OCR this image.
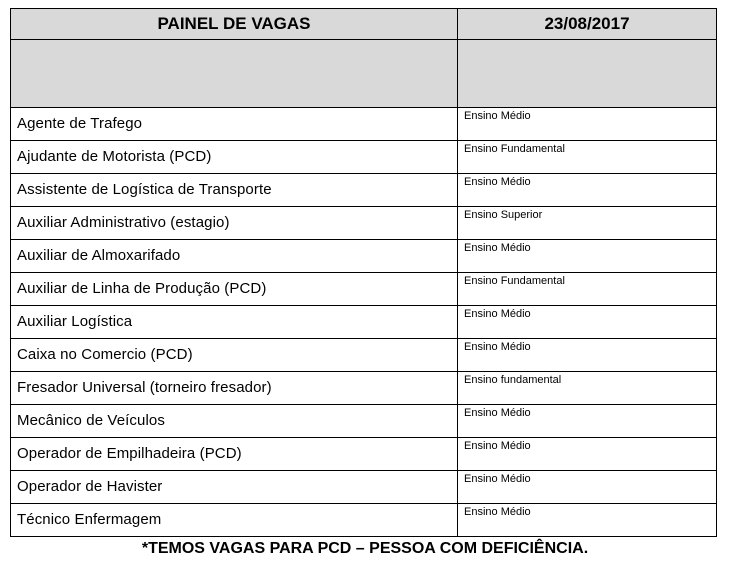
PAINEL DE VAGAS	23/08/2017
Agente de Trafego	Ensino Médio
Ajudante de Motorista (PCD)	Ensino Fundamental
Assistente de Logística de Transporte	Ensino Médio
Auxiliar Administrativo (estagio)	Ensino Superior
Auxiliar de Almoxarifado	Ensino Médio
Auxiliar de Linha de Produção (PCD)	Ensino Fundamental
Auxiliar Logística	Ensino Médio
Caixa no Comercio (PCD)	Ensino Médio
Fresador Universal (torneiro fresador)	Ensino fundamental
Mecânico de Veículos	Ensino Médio
Operador de Empilhadeira (PCD)	Ensino Médio
Operador de Havister	Ensino Médio
Técnico Enfermagem	Ensino Médio
*TEMOS VAGAS PARA PCD – PESSOA COM DEFICIÊNCIA.
